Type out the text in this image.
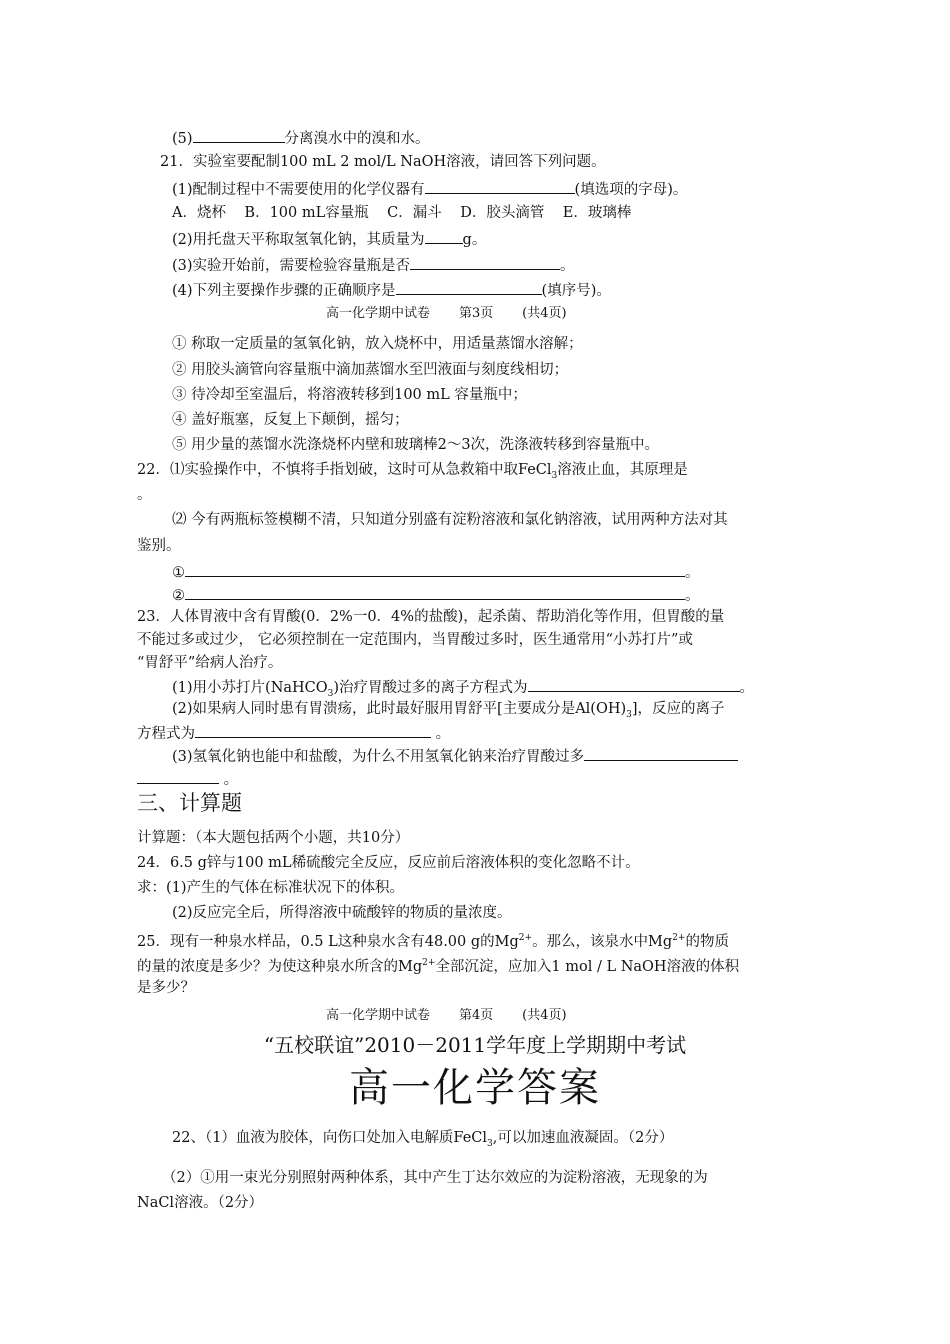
(5)	分离溴水中的溴和水。
21．实验室要配制100 mL 2 mol/L NaOH溶液，请回答下列问题。
(1)配制过程中不需要使用的化学仪器有	(填选项的字母)。
A．烧杯    B．100 mL容量瓶    C．漏斗    D．胶头滴管    E．玻璃棒
(2)用托盘天平称取氢氧化钠，其质量为	g。
(3)实验开始前，需要检验容量瓶是否	。
(4)下列主要操作步骤的正确顺序是	(填序号)。
高一化学期中试卷 第3页 (共4页)
① 称取一定质量的氢氧化钠，放入烧杯中，用适量蒸馏水溶解；
② 用胶头滴管向容量瓶中滴加蒸馏水至凹液面与刻度线相切；
③ 待冷却至室温后，将溶液转移到100 mL 容量瓶中；
④ 盖好瓶塞，反复上下颠倒，摇匀；
⑤ 用少量的蒸馏水洗涤烧杯内壁和玻璃棒2～3次，洗涤液转移到容量瓶中。
22．⑴实验操作中，不慎将手指划破，这时可从急救箱中取FeCl$_3$溶液止血，其原理是
。
⑵ 今有两瓶标签模糊不清，只知道分别盛有淀粉溶液和氯化钠溶液，试用两种方法对其
鉴别。
①	。
②	。
23．人体胃液中含有胃酸(0．2%一0．4%的盐酸)，起杀菌、帮助消化等作用，但胃酸的量
不能过多或过少， 它必须控制在一定范围内，当胃酸过多时，医生通常用“小苏打片”或
“胃舒平”给病人治疗。
(1)用小苏打片(NaHCO$_3$)治疗胃酸过多的离子方程式为	。
(2)如果病人同时患有胃溃疡，此时最好服用胃舒平[主要成分是$Al(OH)_3$]，反应的离子
方程式为	。
(3)氢氧化钠也能中和盐酸，为什么不用氢氧化钠来治疗胃酸过多
。
三、计算题
计算题：（本大题包括两个小题，共10分）
24．6.5 g锌与100 mL稀硫酸完全反应，反应前后溶液体积的变化忽略不计。
求：(1)产生的气体在标准状况下的体积。
(2)反应完全后，所得溶液中硫酸锌的物质的量浓度。
25．现有一种泉水样品，0.5 L这种泉水含有48.00 g的$Mg^{2+}$。那么，该泉水中$Mg^{2+}$的物质
的量的浓度是多少？为使这种泉水所含的$Mg^{2+}$全部沉淀，应加入1 mol / L NaOH溶液的体积
是多少？
高一化学期中试卷 第4页 (共4页)
“五校联谊”2010－2011学年度上学期期中考试
高一化学答案
22、（1）血液为胶体，向伤口处加入电解质FeCl$_3$,可以加速血液凝固。（2分）
（2）①用一束光分别照射两种体系，其中产生丁达尔效应的为淀粉溶液，无现象的为
NaCl溶液。（2分）
